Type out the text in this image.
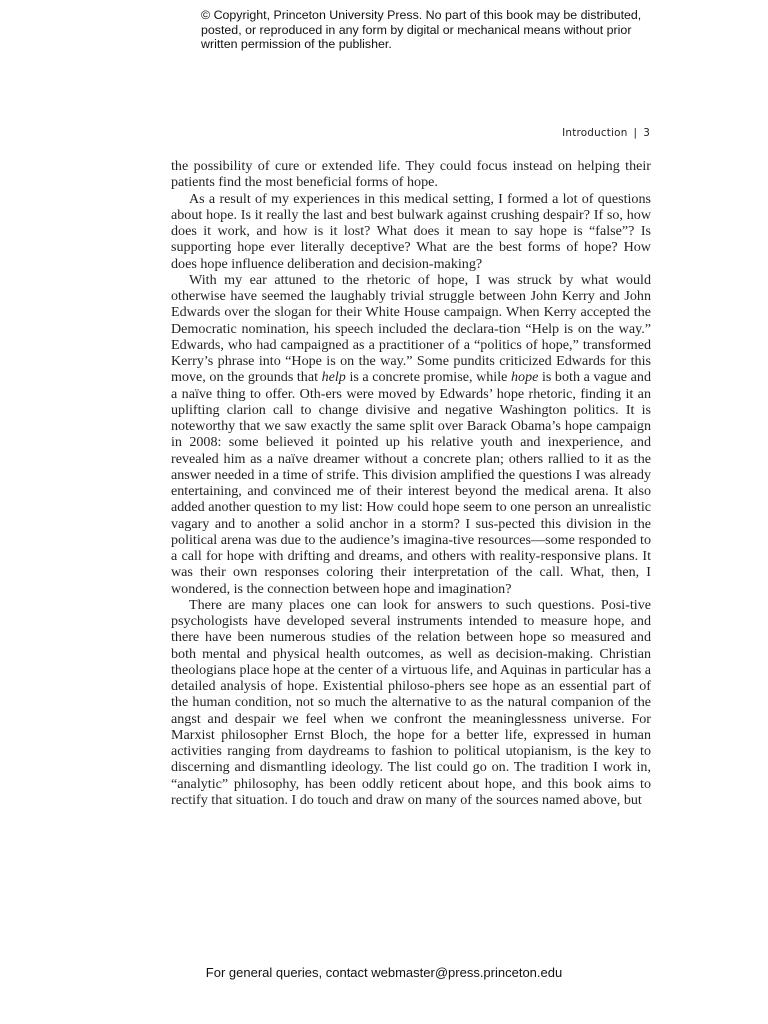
© Copyright, Princeton University Press. No part of this book may be distributed, posted, or reproduced in any form by digital or mechanical means without prior written permission of the publisher.
Introduction | 3

the possibility of cure or extended life. They could focus instead on helping their patients find the most beneficial forms of hope.

As a result of my experiences in this medical setting, I formed a lot of questions about hope. Is it really the last and best bulwark against crushing despair? If so, how does it work, and how is it lost? What does it mean to say hope is “false”? Is supporting hope ever literally deceptive? What are the best forms of hope? How does hope influence deliberation and decision-making?

With my ear attuned to the rhetoric of hope, I was struck by what would otherwise have seemed the laughably trivial struggle between John Kerry and John Edwards over the slogan for their White House campaign. When Kerry accepted the Democratic nomination, his speech included the declara-tion “Help is on the way.” Edwards, who had campaigned as a practitioner of a “politics of hope,” transformed Kerry’s phrase into “Hope is on the way.” Some pundits criticized Edwards for this move, on the grounds that help is a concrete promise, while hope is both a vague and a naïve thing to offer. Oth-ers were moved by Edwards’ hope rhetoric, finding it an uplifting clarion call to change divisive and negative Washington politics. It is noteworthy that we saw exactly the same split over Barack Obama’s hope campaign in 2008: some believed it pointed up his relative youth and inexperience, and revealed him as a naïve dreamer without a concrete plan; others rallied to it as the answer needed in a time of strife. This division amplified the questions I was already entertaining, and convinced me of their interest beyond the medical arena. It also added another question to my list: How could hope seem to one person an unrealistic vagary and to another a solid anchor in a storm? I sus-pected this division in the political arena was due to the audience’s imagina-tive resources—some responded to a call for hope with drifting and dreams, and others with reality-responsive plans. It was their own responses coloring their interpretation of the call. What, then, I wondered, is the connection between hope and imagination?

There are many places one can look for answers to such questions. Posi-tive psychologists have developed several instruments intended to measure hope, and there have been numerous studies of the relation between hope so measured and both mental and physical health outcomes, as well as decision-making. Christian theologians place hope at the center of a virtuous life, and Aquinas in particular has a detailed analysis of hope. Existential philoso-phers see hope as an essential part of the human condition, not so much the alternative to as the natural companion of the angst and despair we feel when we confront the meaninglessness universe. For Marxist philosopher Ernst Bloch, the hope for a better life, expressed in human activities ranging from daydreams to fashion to political utopianism, is the key to discerning and dismantling ideology. The list could go on. The tradition I work in, “analytic” philosophy, has been oddly reticent about hope, and this book aims to rectify that situation. I do touch and draw on many of the sources named above, but

For general queries, contact webmaster@press.princeton.edu
